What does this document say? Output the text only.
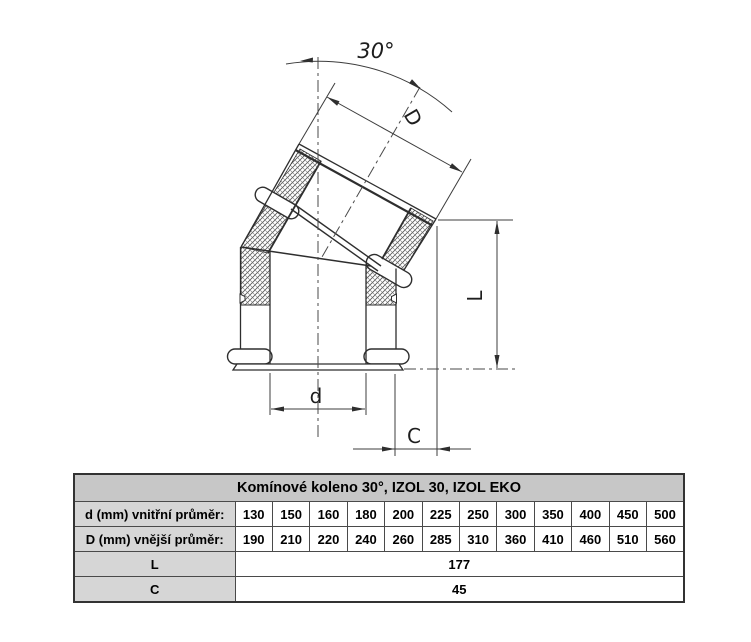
30°
D
L
d
C
Komínové koleno 30°, IZOL 30, IZOL EKO												
d (mm) vnitřní průměr:	130	150	160	180	200	225	250	300	350	400	450	500
D (mm) vnější průměr:	190	210	220	240	260	285	310	360	410	460	510	560
L	177											
C	45											
